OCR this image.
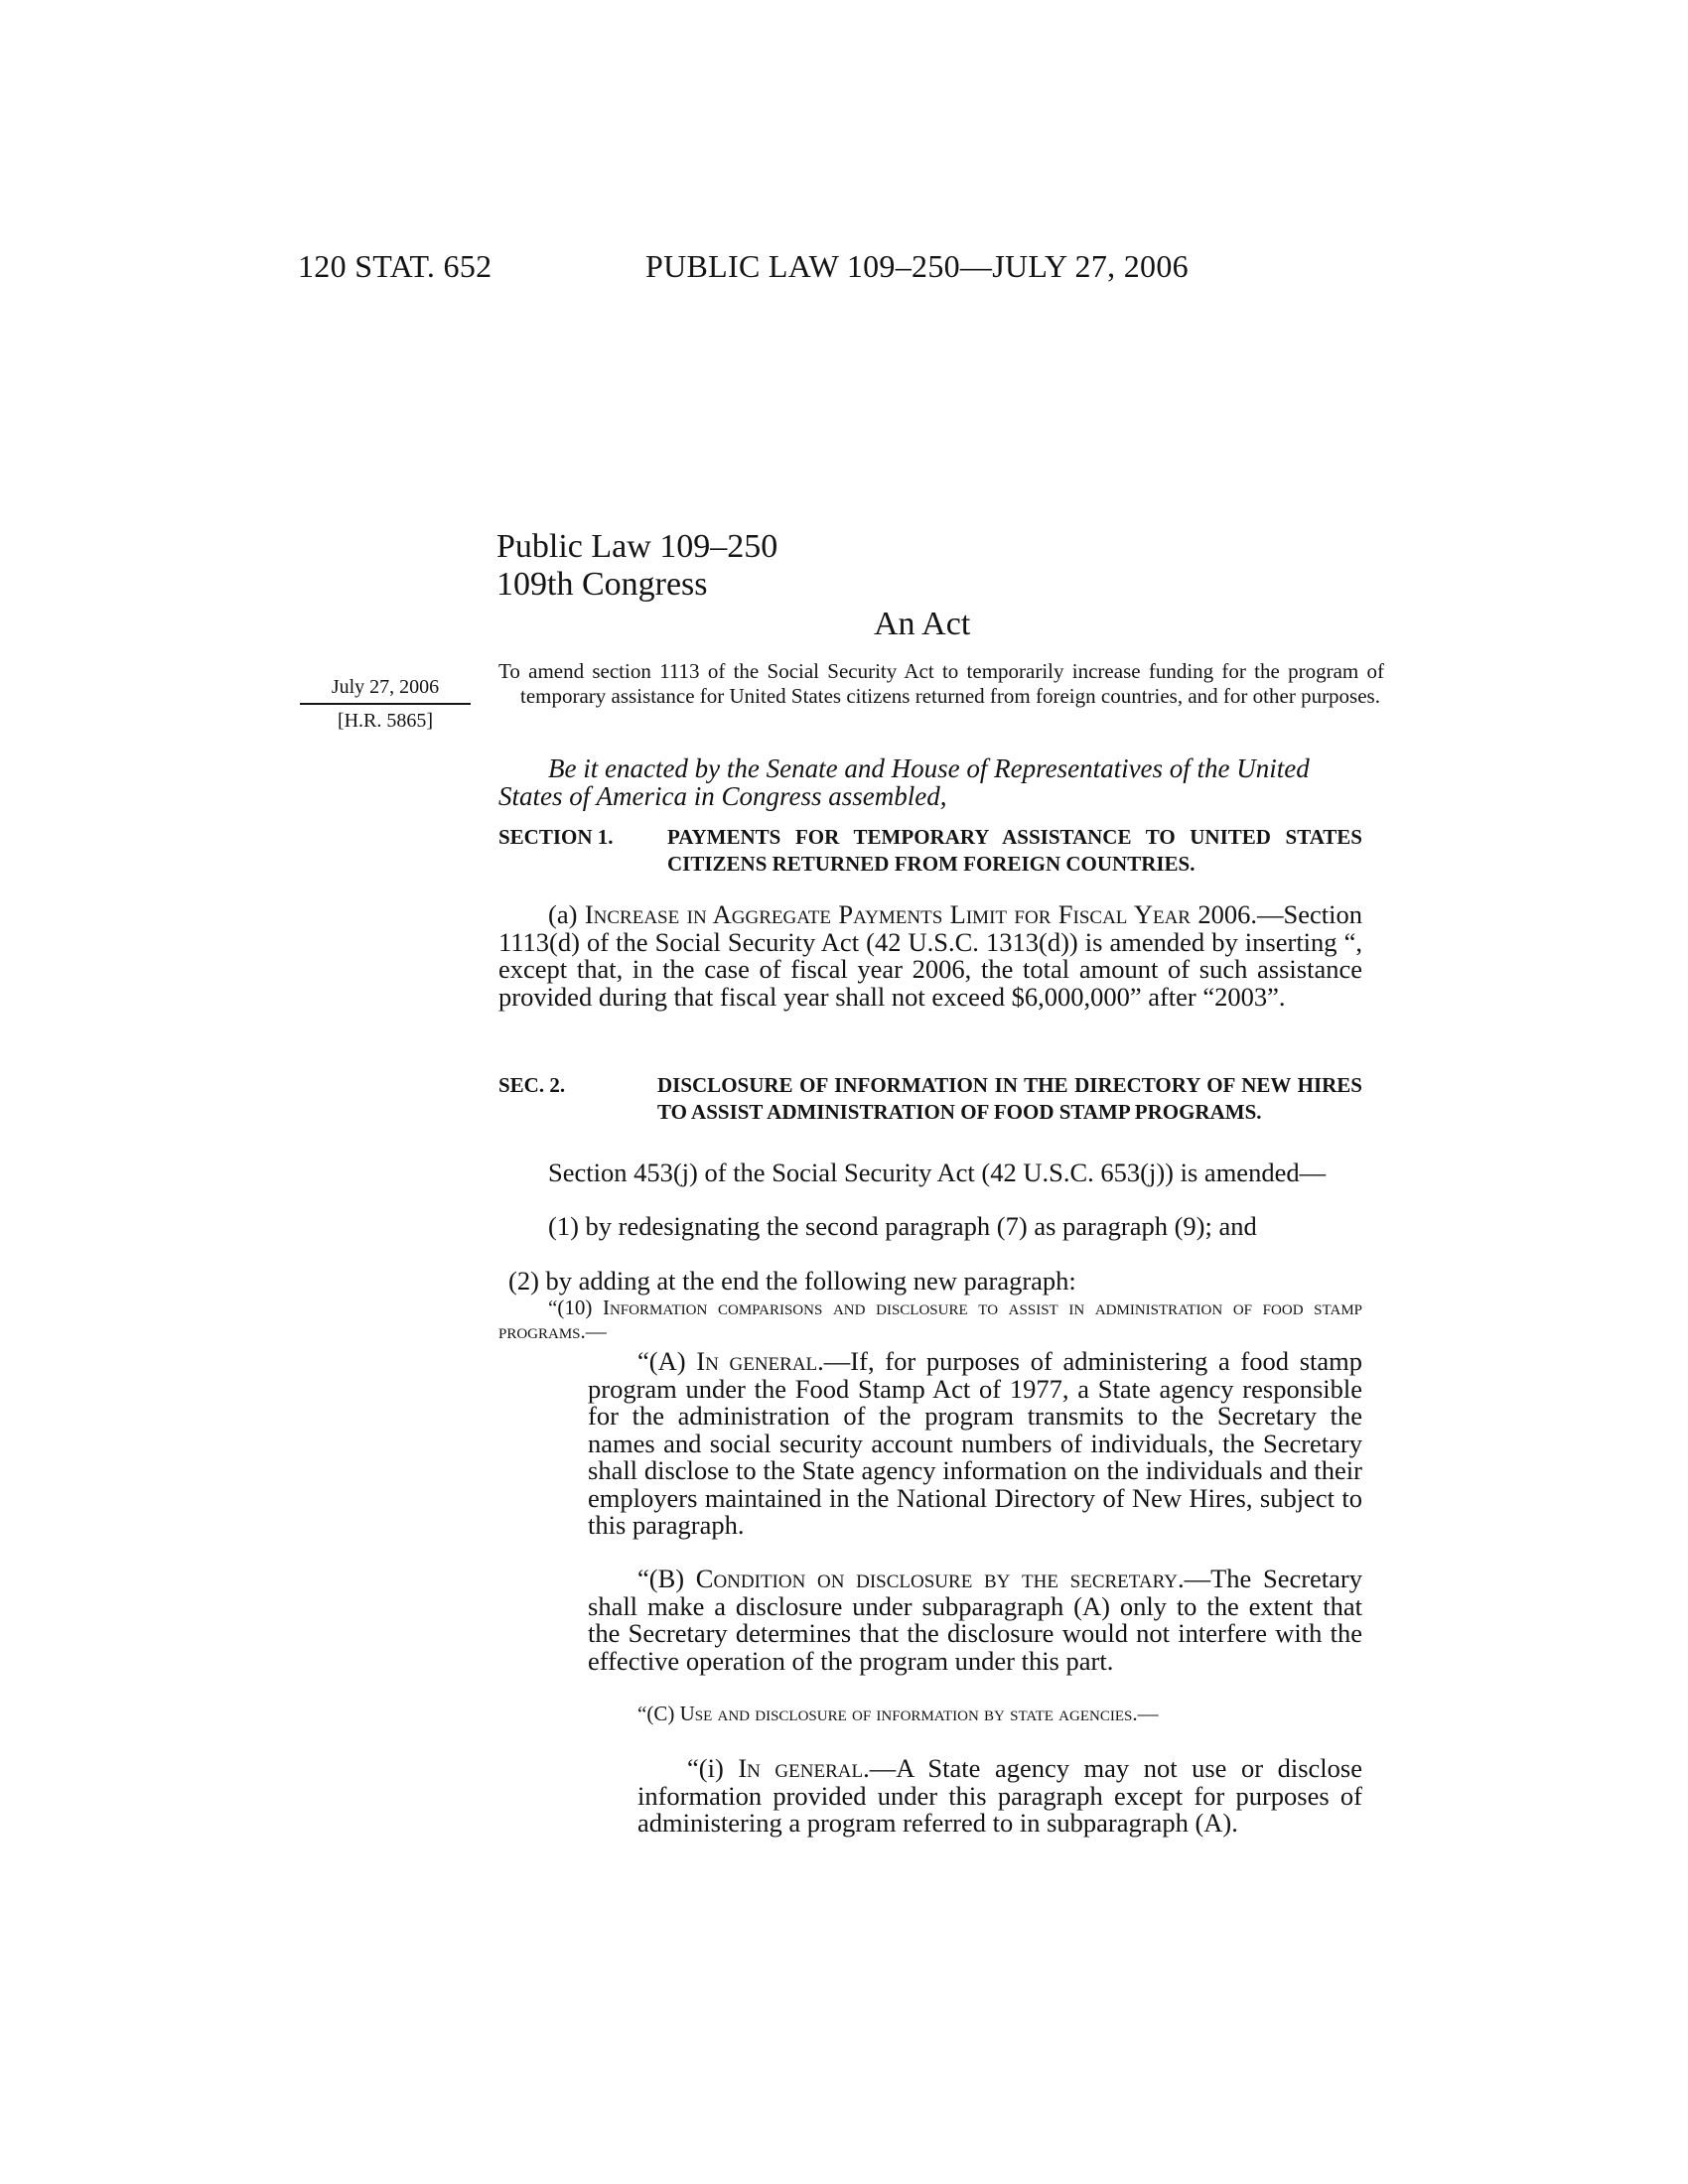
120 STAT. 652	PUBLIC LAW 109–250—JULY 27, 2006
Public Law 109–250
109th Congress
An Act
July 27, 2006
[H.R. 5865]
To amend section 1113 of the Social Security Act to temporarily increase funding for the program of temporary assistance for United States citizens returned from foreign countries, and for other purposes.
Be it enacted by the Senate and House of Representatives of the United States of America in Congress assembled,
SECTION 1.	PAYMENTS FOR TEMPORARY ASSISTANCE TO UNITED STATES CITIZENS RETURNED FROM FOREIGN COUNTRIES.
(a) Increase in Aggregate Payments Limit for Fiscal Year 2006.—Section 1113(d) of the Social Security Act (42 U.S.C. 1313(d)) is amended by inserting “, except that, in the case of fiscal year 2006, the total amount of such assistance provided during that fiscal year shall not exceed $6,000,000” after “2003”.
SEC. 2.	DISCLOSURE OF INFORMATION IN THE DIRECTORY OF NEW HIRES TO ASSIST ADMINISTRATION OF FOOD STAMP PROGRAMS.
Section 453(j) of the Social Security Act (42 U.S.C. 653(j)) is amended—
(1) by redesignating the second paragraph (7) as paragraph (9); and
(2) by adding at the end the following new paragraph:
“(10) Information comparisons and disclosure to assist in administration of food stamp programs.—
“(A) In general.—If, for purposes of administering a food stamp program under the Food Stamp Act of 1977, a State agency responsible for the administration of the program transmits to the Secretary the names and social security account numbers of individuals, the Secretary shall disclose to the State agency information on the individuals and their employers maintained in the National Directory of New Hires, subject to this paragraph.
“(B) Condition on disclosure by the secretary.—The Secretary shall make a disclosure under subparagraph (A) only to the extent that the Secretary determines that the disclosure would not interfere with the effective operation of the program under this part.
“(C) Use and disclosure of information by state agencies.—
“(i) In general.—A State agency may not use or disclose information provided under this paragraph except for purposes of administering a program referred to in subparagraph (A).
